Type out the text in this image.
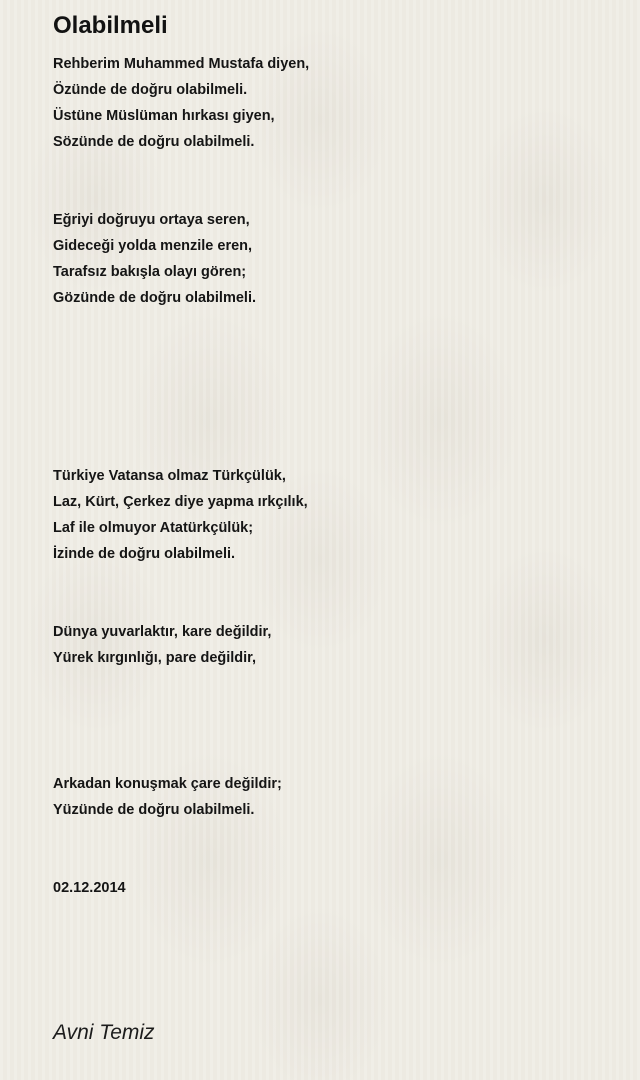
Olabilmeli

Rehberim Muhammed Mustafa diyen,

Özünde de doğru olabilmeli.

Üstüne Müslüman hırkası giyen,

Sözünde de doğru olabilmeli.

Eğriyi doğruyu ortaya seren,

Gideceği yolda menzile eren,

Tarafsız bakışla olayı gören;

Gözünde de doğru olabilmeli.

Türkiye Vatansa olmaz Türkçülük,

Laz, Kürt, Çerkez diye yapma ırkçılık,

Laf ile olmuyor Atatürkçülük;

İzinde de doğru olabilmeli.

Dünya yuvarlaktır, kare değildir,

Yürek kırgınlığı, pare değildir,

Arkadan konuşmak çare değildir;

Yüzünde de doğru olabilmeli.

02.12.2014

Avni Temiz
